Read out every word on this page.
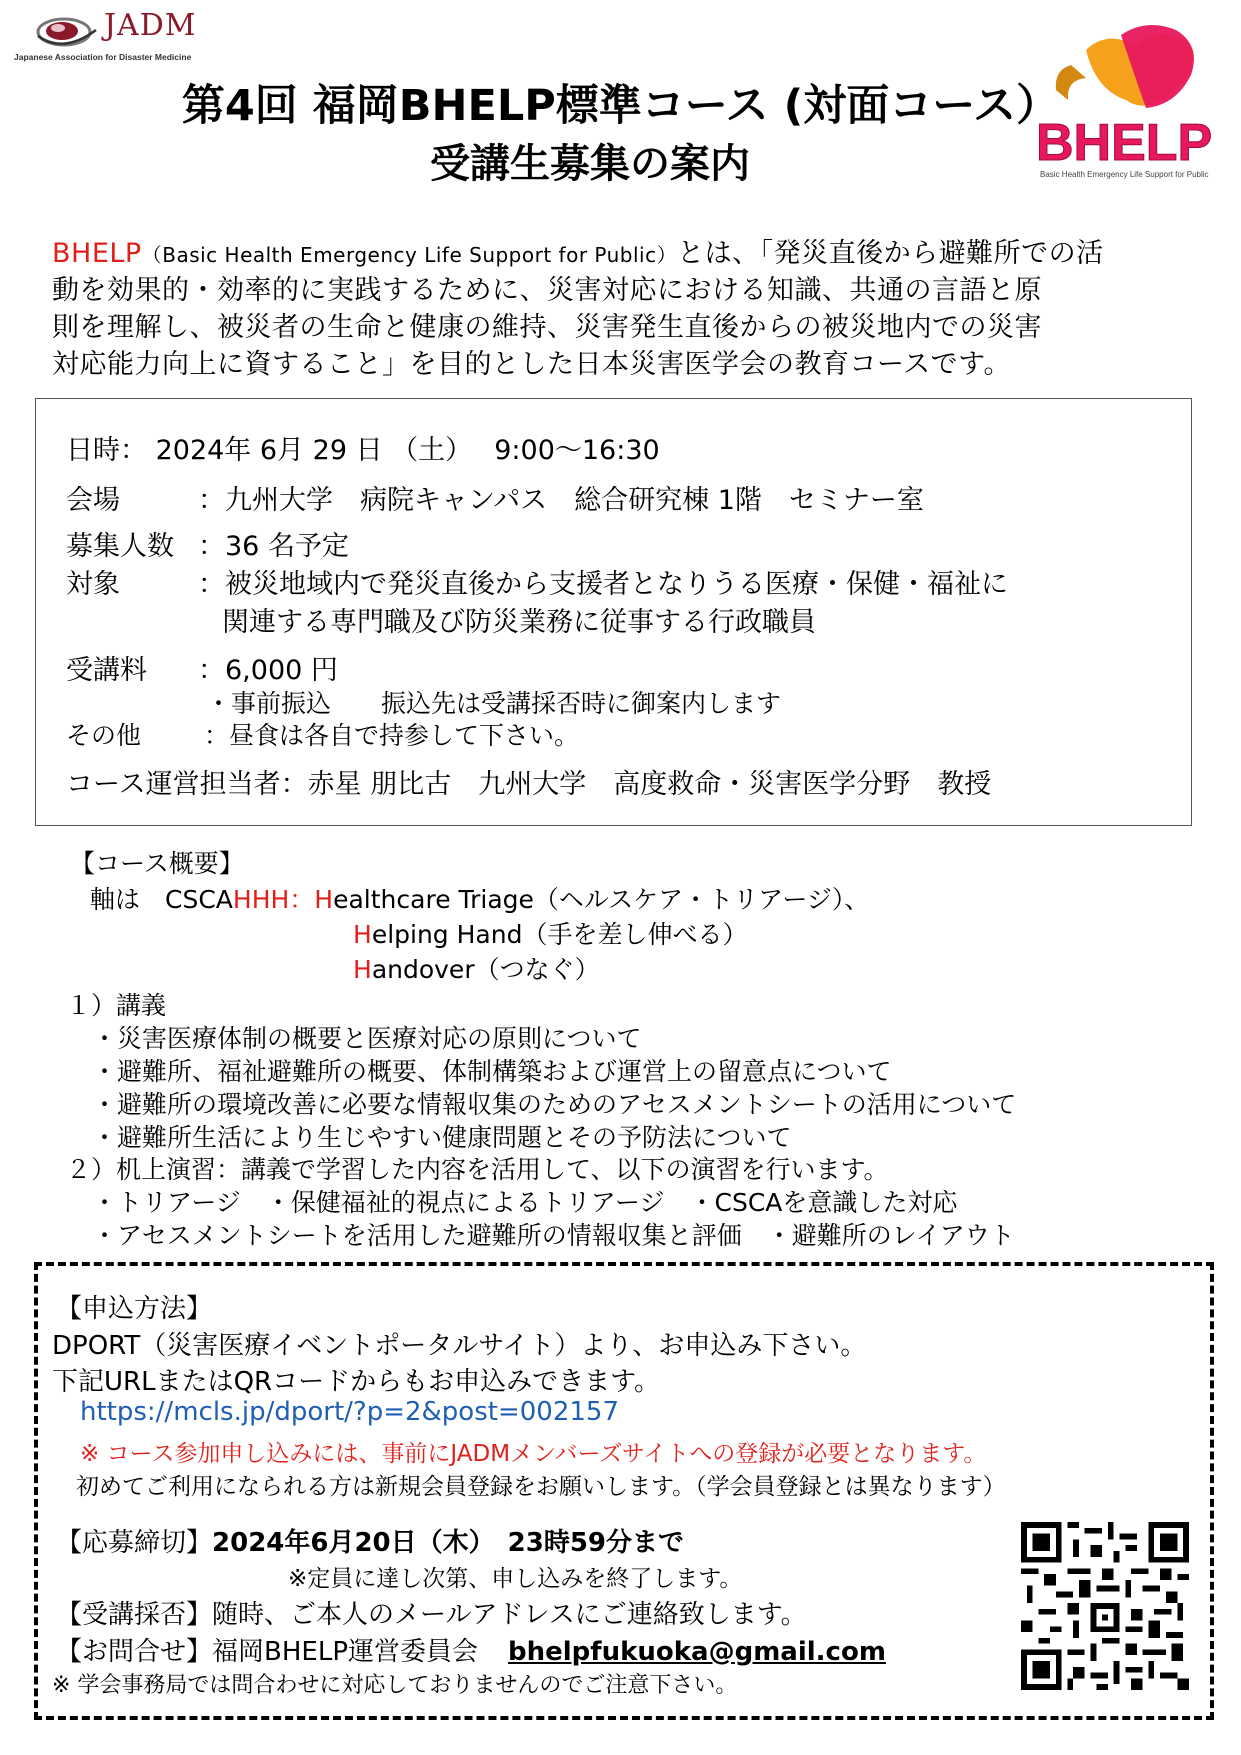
JADM
Japanese Association for Disaster Medicine
BHELP
Basic Health Emergency Life Support for Public
第4回 福岡BHELP標準コース (対面コース）
受講生募集の案内
BHELP（Basic Health Emergency Life Support for Public）とは、「発災直後から避難所での活
動を効果的・効率的に実践するために、災害対応における知識、共通の言語と原
則を理解し、被災者の生命と健康の維持、災害発生直後からの被災地内での災害
対応能力向上に資すること」を目的とした日本災害医学会の教育コースです。
日時： 2024年 6月 29 日 （土）　 9:00～16:30
会場	：九州大学　病院キャンパス　総合研究棟 1階　セミナー室
募集人数 ：36 名予定
対象	：被災地域内で発災直後から支援者となりうる医療・保健・福祉に
関連する専門職及び防災業務に従事する行政職員
受講料 ：6,000 円
・事前振込　　振込先は受講採否時に御案内します
その他	：昼食は各自で持参して下さい。
コース運営担当者：赤星 朋比古　九州大学　高度救命・災害医学分野　教授
【コース概要】
軸は　CSCAHHH：Healthcare Triage（ヘルスケア・トリアージ）、
Helping Hand（手を差し伸べる）
Handover（つなぐ）
１）講義
・災害医療体制の概要と医療対応の原則について
・避難所、福祉避難所の概要、体制構築および運営上の留意点について
・避難所の環境改善に必要な情報収集のためのアセスメントシートの活用について
・避難所生活により生じやすい健康問題とその予防法について
２）机上演習：講義で学習した内容を活用して、以下の演習を行います。
・トリアージ　・保健福祉的視点によるトリアージ　・CSCAを意識した対応
・アセスメントシートを活用した避難所の情報収集と評価　・避難所のレイアウト
【申込方法】
DPORT（災害医療イベントポータルサイト）より、お申込み下さい。
下記URLまたはQRコードからもお申込みできます。
https://mcls.jp/dport/?p=2&post=002157
※ コース参加申し込みには、事前にJADMメンバーズサイトへの登録が必要となります。
初めてご利用になられる方は新規会員登録をお願いします。（学会員登録とは異なります）
【応募締切】2024年6月20日（木）　23時59分まで
※定員に達し次第、申し込みを終了します。
【受講採否】随時、ご本人のメールアドレスにご連絡致します。
【お問合せ】福岡BHELP運営委員会 bhelpfukuoka@gmail.com
※ 学会事務局では問合わせに対応しておりませんのでご注意下さい。
